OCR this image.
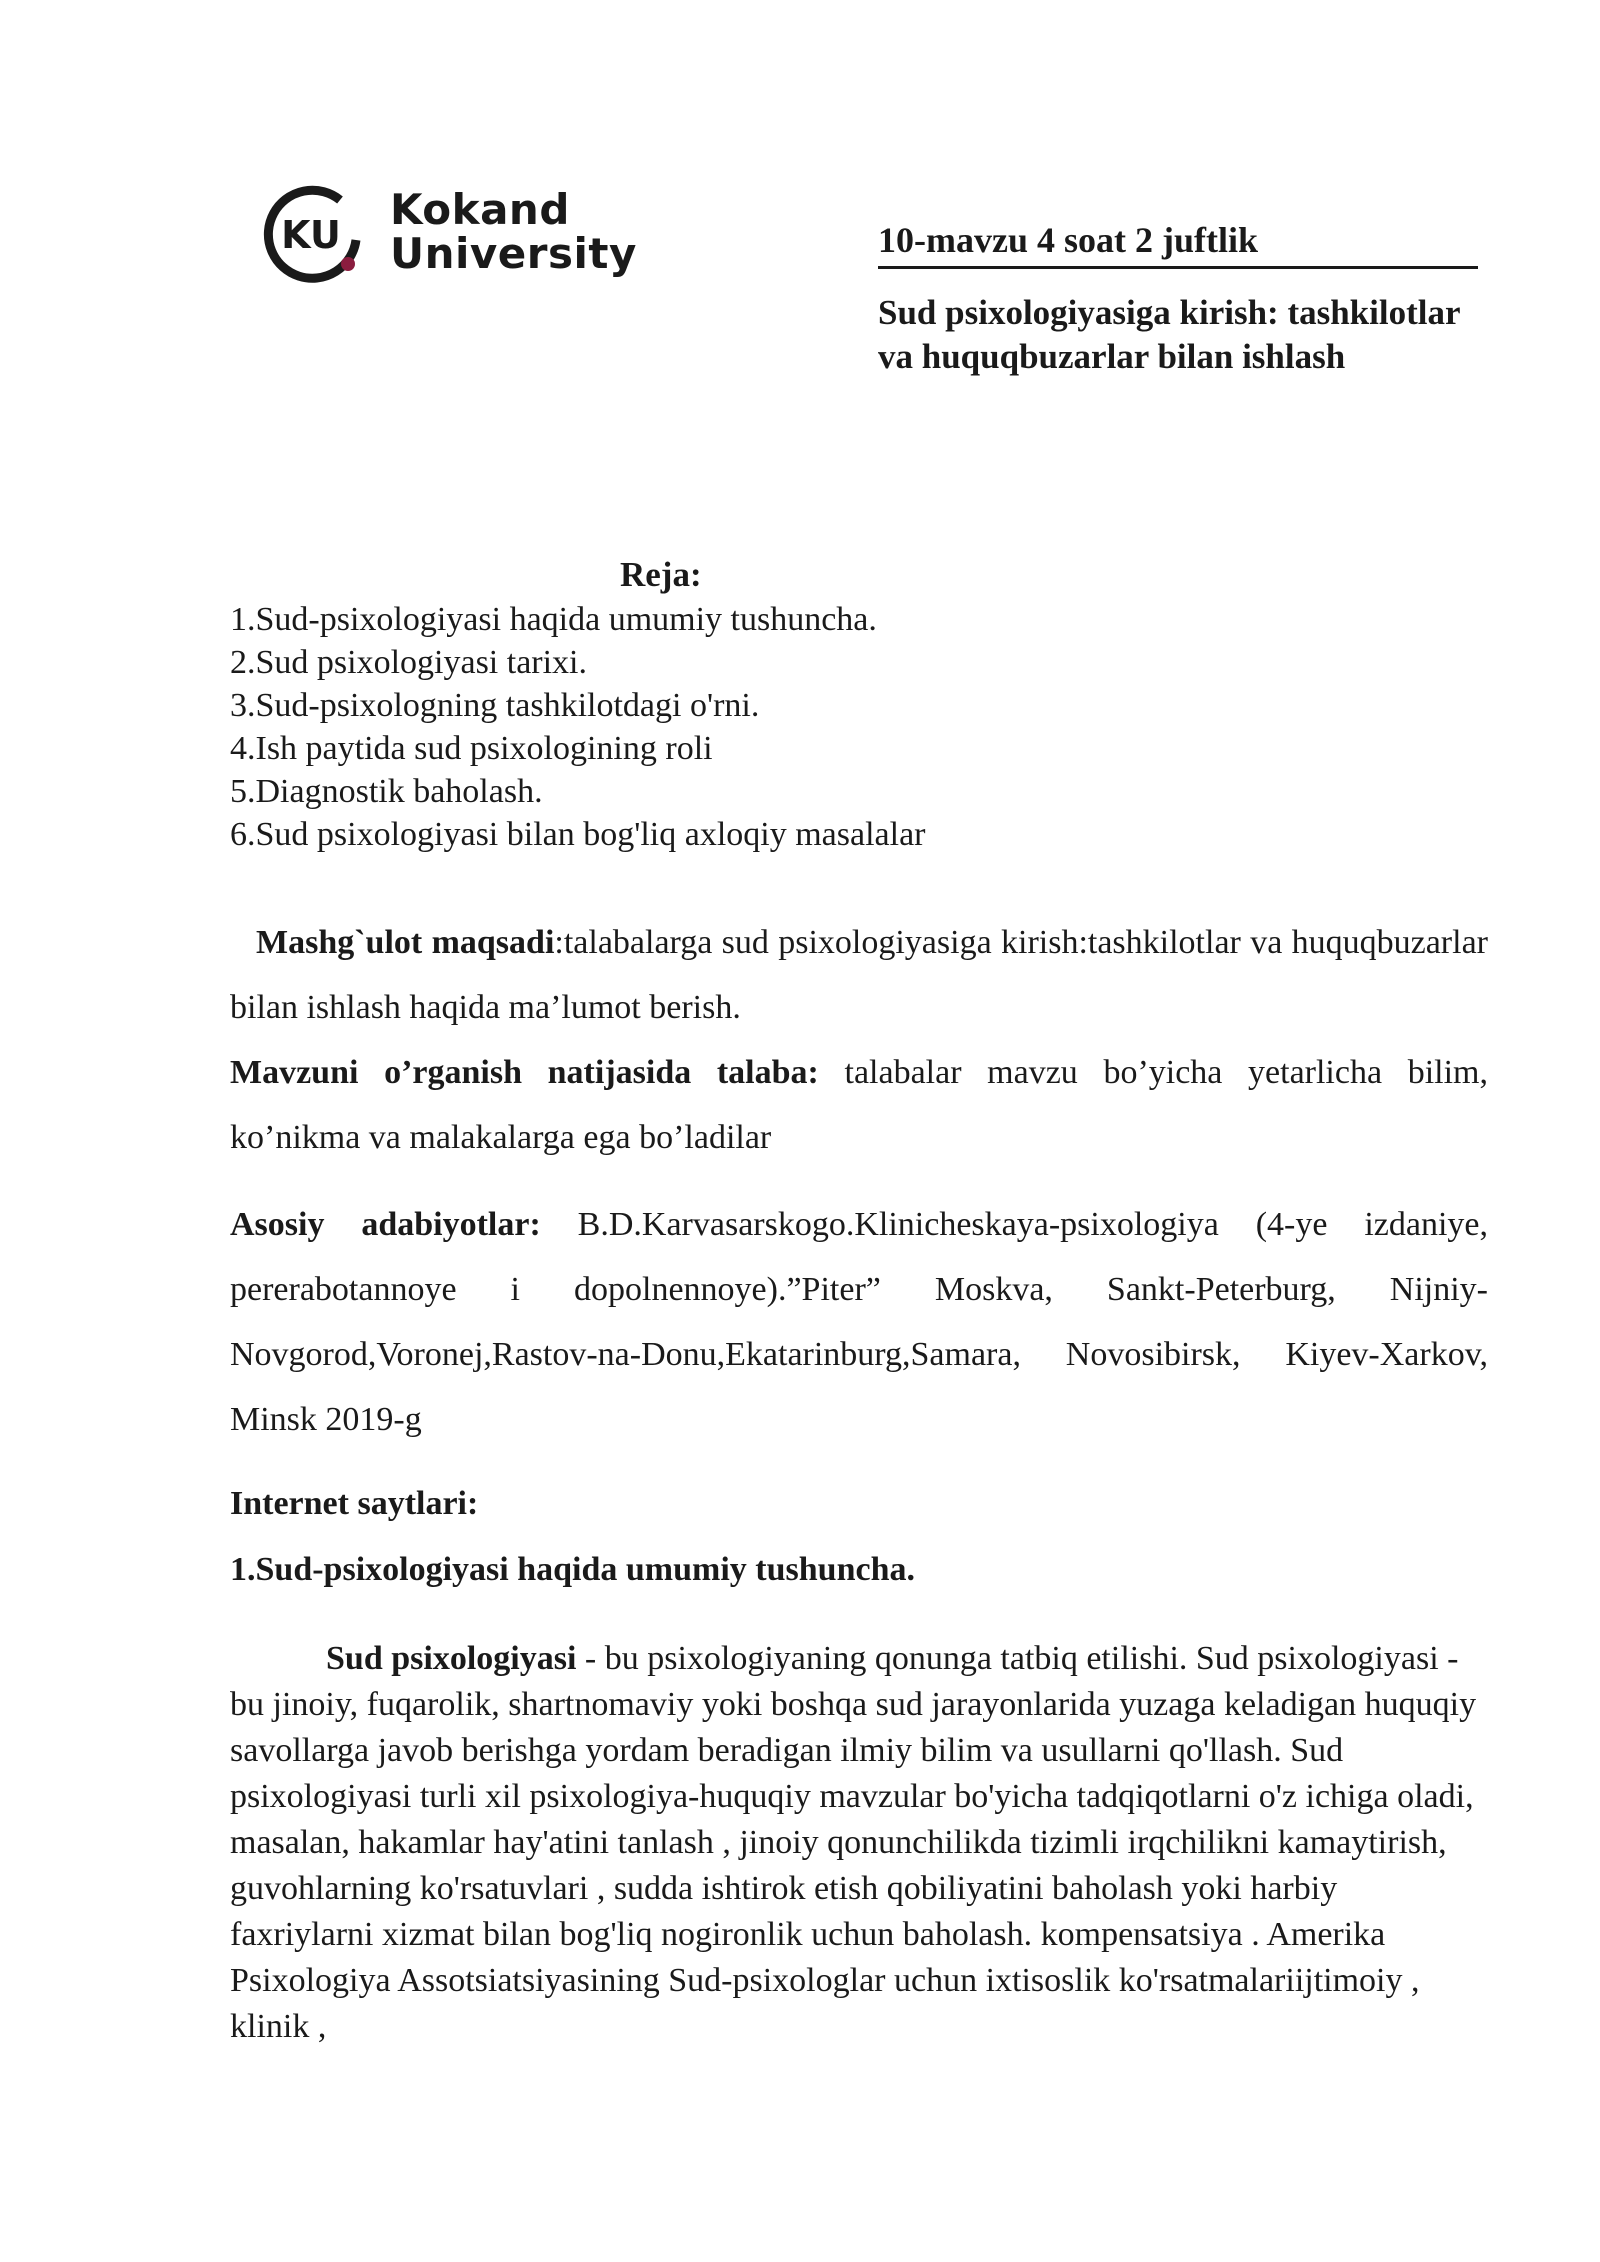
KU
Kokand
University	10-mavzu 4 soat 2 juftlik
Sud psixologiyasiga kirish: tashkilotlar va huquqbuzarlar bilan ishlash
Reja:
1.Sud-psixologiyasi haqida umumiy tushuncha.
2.Sud psixologiyasi tarixi.
3.Sud-psixologning tashkilotdagi o'rni.
4.Ish paytida sud psixologining roli
5.Diagnostik baholash.
6.Sud psixologiyasi bilan bog'liq axloqiy masalalar
Mashg`ulot maqsadi:talabalarga sud psixologiyasiga kirish:tashkilotlar va huquqbuzarlar bilan ishlash haqida ma’lumot berish.
Mavzuni o’rganish natijasida talaba: talabalar mavzu bo’yicha yetarlicha bilim, ko’nikma va malakalarga ega bo’ladilar
Asosiy adabiyotlar: B.D.Karvasarskogo.Klinicheskaya-psixologiya (4-ye izdaniye, pererabotannoye i dopolnennoye).”Piter” Moskva, Sankt-Peterburg, Nijniy-Novgorod,Voronej,Rastov-na-Donu,Ekatarinburg,Samara, Novosibirsk, Kiyev-Xarkov, Minsk 2019-g
Internet saytlari:
1.Sud-psixologiyasi haqida umumiy tushuncha.
Sud psixologiyasi - bu psixologiyaning qonunga tatbiq etilishi. Sud psixologiyasi - bu jinoiy, fuqarolik, shartnomaviy yoki boshqa sud jarayonlarida yuzaga keladigan huquqiy savollarga javob berishga yordam beradigan ilmiy bilim va usullarni qo'llash. Sud psixologiyasi turli xil psixologiya-huquqiy mavzular bo'yicha tadqiqotlarni o'z ichiga oladi, masalan, hakamlar hay'atini tanlash , jinoiy qonunchilikda tizimli irqchilikni kamaytirish, guvohlarning ko'rsatuvlari , sudda ishtirok etish qobiliyatini baholash yoki harbiy faxriylarni xizmat bilan bog'liq nogironlik uchun baholash. kompensatsiya . Amerika Psixologiya Assotsiatsiyasining Sud-psixologlar uchun ixtisoslik ko'rsatmalariijtimoiy , klinik ,
